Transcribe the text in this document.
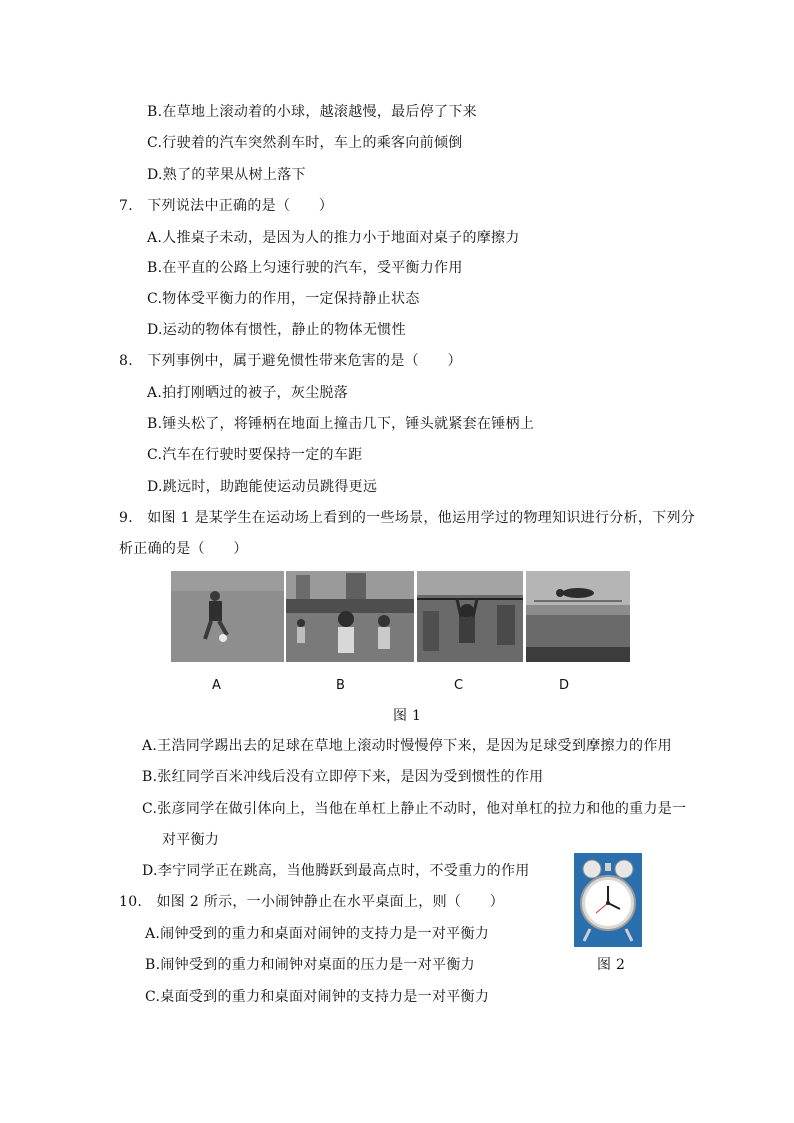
B.在草地上滚动着的小球，越滚越慢，最后停了下来
C.行驶着的汽车突然刹车时，车上的乘客向前倾倒
D.熟了的苹果从树上落下
7.　下列说法中正确的是（　　）
A.人推桌子未动，是因为人的推力小于地面对桌子的摩擦力
B.在平直的公路上匀速行驶的汽车，受平衡力作用
C.物体受平衡力的作用，一定保持静止状态
D.运动的物体有惯性，静止的物体无惯性
8.　下列事例中，属于避免惯性带来危害的是（　　）
A.拍打刚晒过的被子，灰尘脱落
B.锤头松了，将锤柄在地面上撞击几下，锤头就紧套在锤柄上
C.汽车在行驶时要保持一定的车距
D.跳远时，助跑能使运动员跳得更远
9.　如图 1 是某学生在运动场上看到的一些场景，他运用学过的物理知识进行分析，下列分
析正确的是（　　）
A	B	C	D
图 1
A.王浩同学踢出去的足球在草地上滚动时慢慢停下来，是因为足球受到摩擦力的作用
B.张红同学百米冲线后没有立即停下来，是因为受到惯性的作用
C.张彦同学在做引体向上，当他在单杠上静止不动时，他对单杠的拉力和他的重力是一
对平衡力
D.李宁同学正在跳高，当他腾跃到最高点时，不受重力的作用
图 2
10.　如图 2 所示，一小闹钟静止在水平桌面上，则（　　）
A.闹钟受到的重力和桌面对闹钟的支持力是一对平衡力
B.闹钟受到的重力和闹钟对桌面的压力是一对平衡力
C.桌面受到的重力和桌面对闹钟的支持力是一对平衡力
